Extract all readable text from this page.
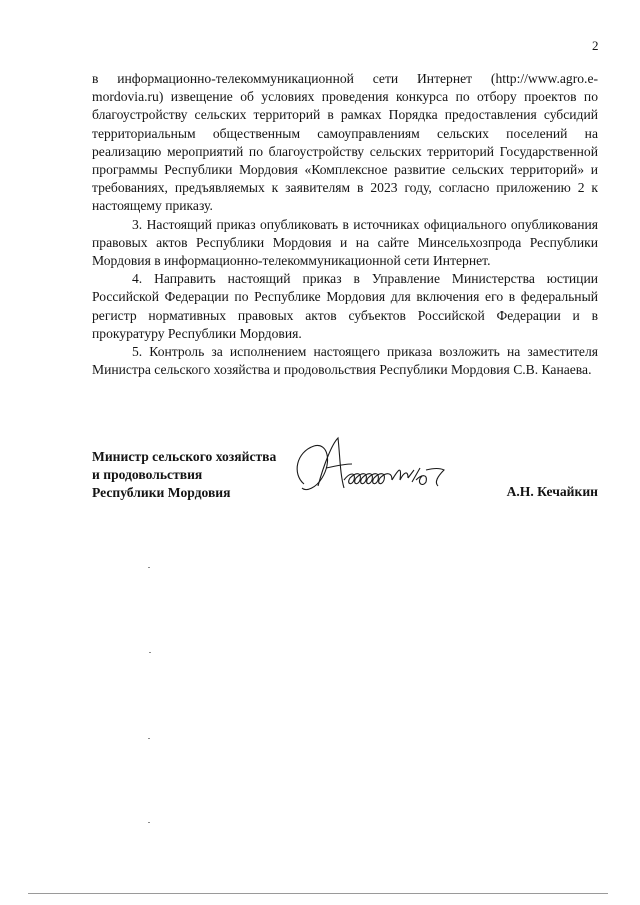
2

в информационно-телекоммуникационной сети Интернет (http://www.agro.e-mordovia.ru) извещение об условиях проведения конкурса по отбору проектов по благоустройству сельских территорий в рамках Порядка предоставления субсидий территориальным общественным самоуправлениям сельских поселений на реализацию мероприятий по благоустройству сельских территорий Государственной программы Республики Мордовия «Комплексное развитие сельских территорий» и требованиях, предъявляемых к заявителям в 2023 году, согласно приложению 2 к настоящему приказу.

3. Настоящий приказ опубликовать в источниках официального опубликования правовых актов Республики Мордовия и на сайте Минсельхозпрода Республики Мордовия в информационно-телекоммуникационной сети Интернет.

4. Направить настоящий приказ в Управление Министерства юстиции Российской Федерации по Республике Мордовия для включения его в федеральный регистр нормативных правовых актов субъектов Российской Федерации и в прокуратуру Республики Мордовия.

5. Контроль за исполнением настоящего приказа возложить на заместителя Министра сельского хозяйства и продовольствия Республики Мордовия С.В. Канаева.

Министр сельского хозяйства
и продовольствия
Республики Мордовия	А.Н. Кечайкин
